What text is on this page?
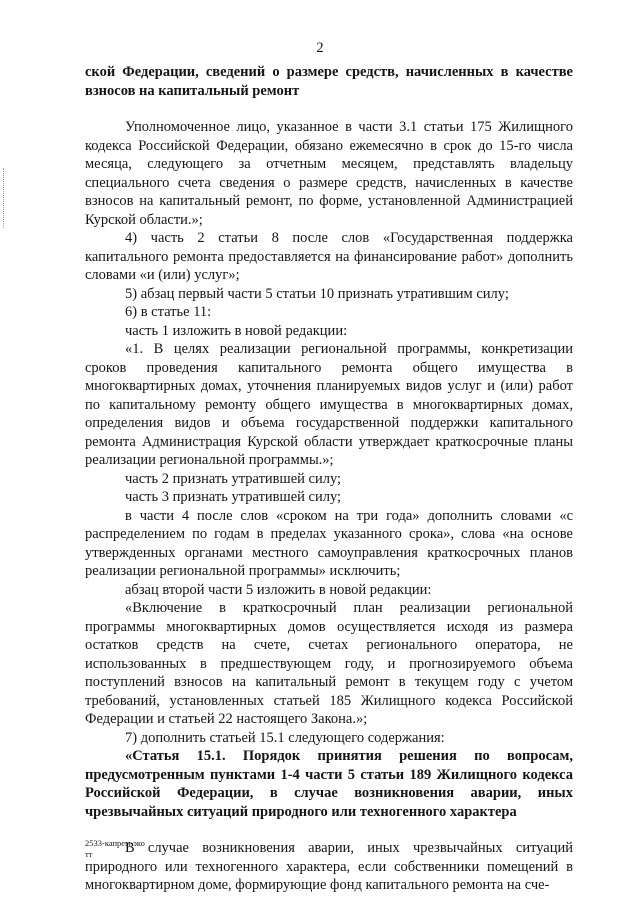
2

ской Федерации, сведений о размере средств, начисленных в качестве взносов на капитальный ремонт

Уполномоченное лицо, указанное в части 3.1 статьи 175 Жилищного кодекса Российской Федерации, обязано ежемесячно в срок до 15-го числа месяца, следующего за отчетным месяцем, представлять владельцу специального счета сведения о размере средств, начисленных в качестве взносов на капитальный ремонт, по форме, установленной Администрацией Курской области.»;

4) часть 2 статьи 8 после слов «Государственная поддержка капитального ремонта предоставляется на финансирование работ» дополнить словами «и (или) услуг»;

5) абзац первый части 5 статьи 10 признать утратившим силу;

6) в статье 11:

часть 1 изложить в новой редакции:

«1. В целях реализации региональной программы, конкретизации сроков проведения капитального ремонта общего имущества в многоквартирных домах, уточнения планируемых видов услуг и (или) работ по капитальному ремонту общего имущества в многоквартирных домах, определения видов и объема государственной поддержки капитального ремонта Администрация Курской области утверждает краткосрочные планы реализации региональной программы.»;

часть 2 признать утратившей силу;

часть 3 признать утратившей силу;

в части 4 после слов «сроком на три года» дополнить словами «с распределением по годам в пределах указанного срока», слова «на основе утвержденных органами местного самоуправления краткосрочных планов реализации региональной программы» исключить;

абзац второй части 5 изложить в новой редакции:

«Включение в краткосрочный план реализации региональной программы многоквартирных домов осуществляется исходя из размера остатков средств на счете, счетах регионального оператора, не использованных в предшествующем году, и прогнозируемого объема поступлений взносов на капитальный ремонт в текущем году с учетом требований, установленных статьей 185 Жилищного кодекса Российской Федерации и статьей 22 настоящего Закона.»;

7) дополнить статьей 15.1 следующего содержания:

«Статья 15.1. Порядок принятия решения по вопросам, предусмотренным пунктами 1-4 части 5 статьи 189 Жилищного кодекса Российской Федерации, в случае возникновения аварии, иных чрезвычайных ситуаций природного или техногенного характера

В случае возникновения аварии, иных чрезвычайных ситуаций природного или техногенного характера, если собственники помещений в многоквартирном доме, формирующие фонд капитального ремонта на сче-

2533-капрем-эко
тт
